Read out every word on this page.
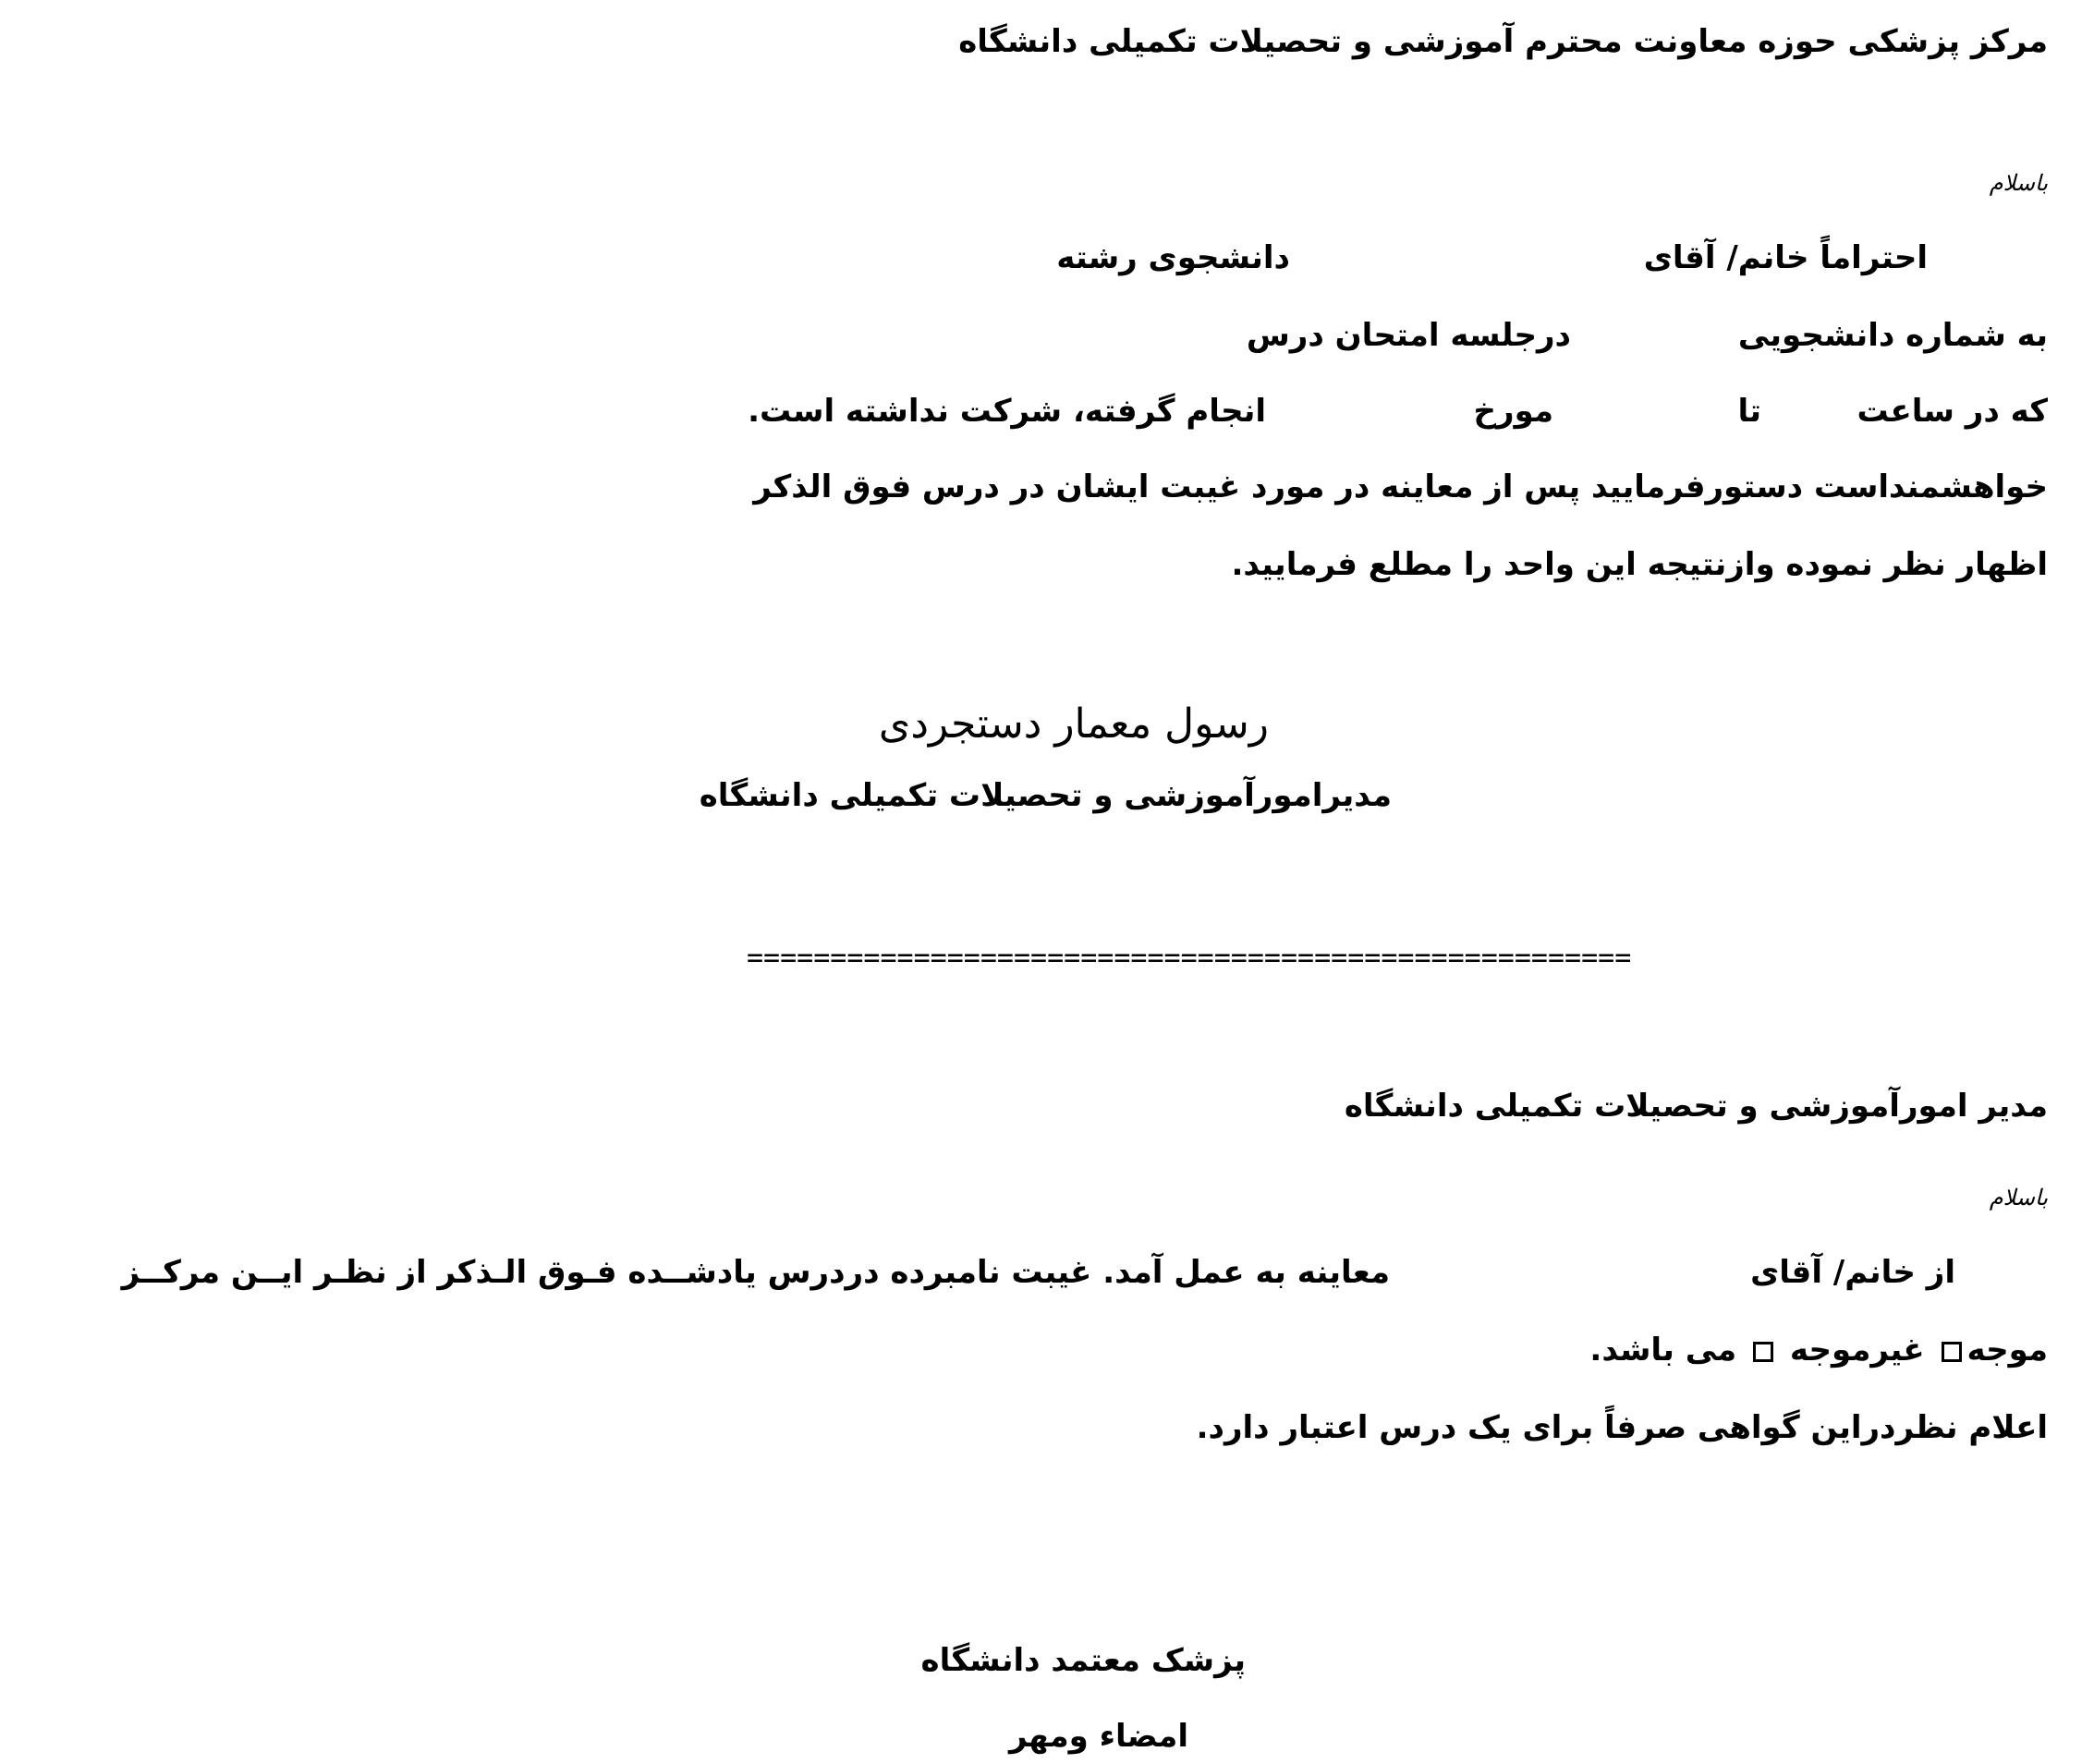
مرکز پزشکی حوزه معاونت محترم آموزشی و تحصیلات تکمیلی دانشگاه
باسلام
احتراماً خانم/ آقای
دانشجوی رشته
به شماره دانشجویی
درجلسه امتحان درس
که در ساعت
تا
مورخ
انجام گرفته، شرکت نداشته است.
خواهشمنداست دستورفرمایید پس از معاینه در مورد غیبت ایشان در درس فوق الذکر
اظهار نظر نموده وازنتیجه این واحد را مطلع فرمایید.
رسول معمار دستجردی
مدیرامورآموزشی و تحصیلات تکمیلی دانشگاه
=====================================================
مدیر امورآموزشی و تحصیلات تکمیلی دانشگاه
باسلام
از خانم/ آقای
معاینه به عمل آمد. غیبت نامبرده دردرس یادشــده فـوق الـذکر از نظـر ایــن مرکــز
موجه غیرموجه  می باشد.
اعلام نظردراین گواهی صرفاً برای یک درس اعتبار دارد.
پزشک معتمد دانشگاه
امضاء ومهر
